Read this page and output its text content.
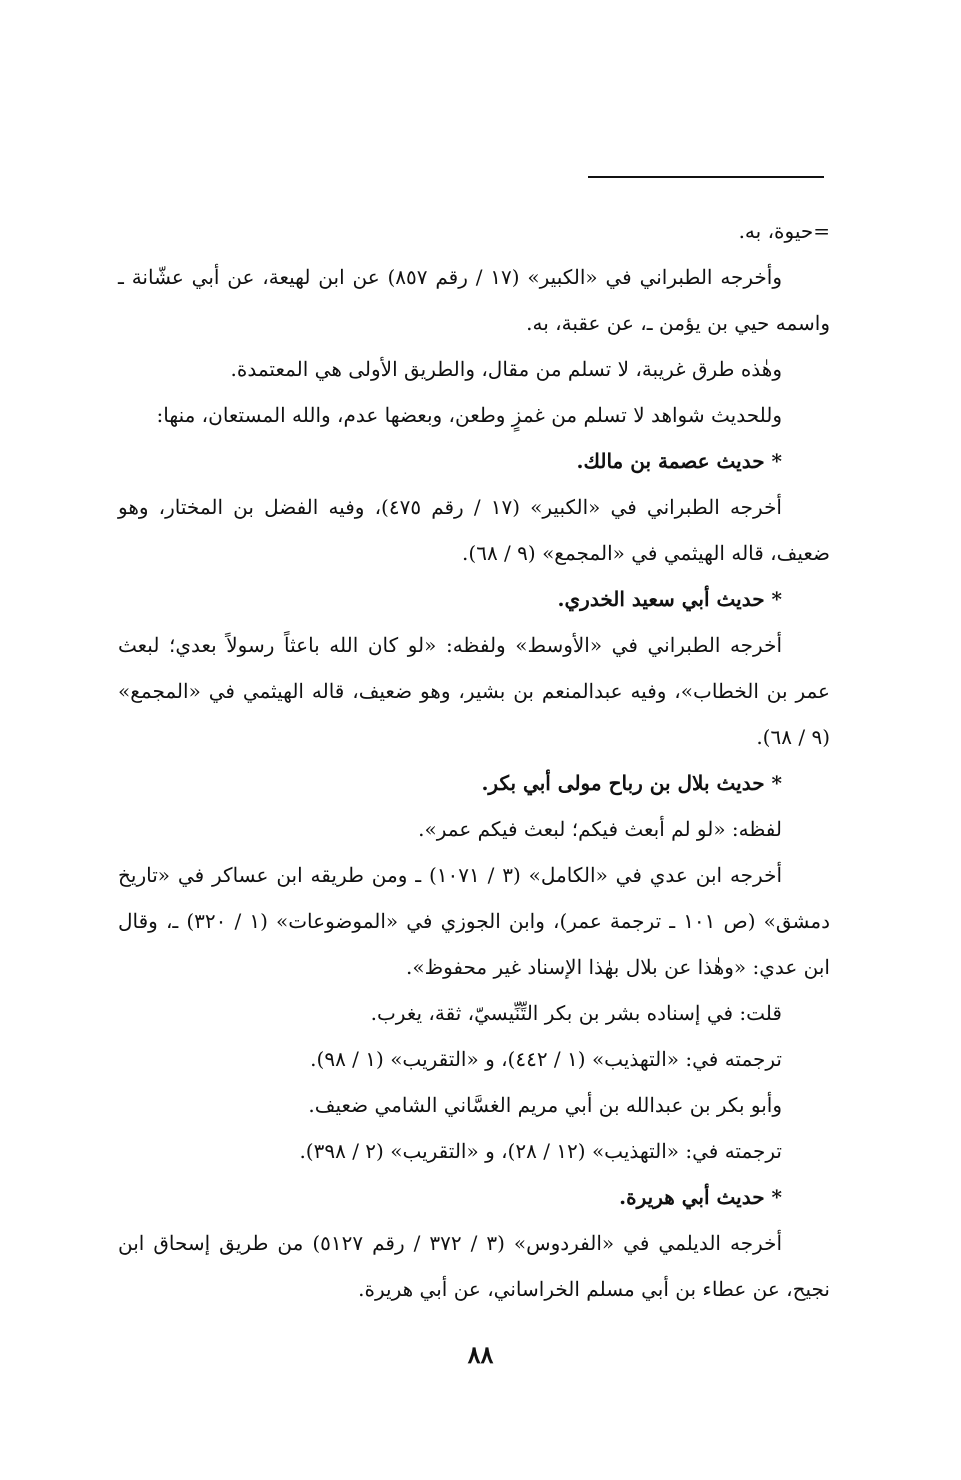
=حيوة، به.

وأخرجه الطبراني في «الكبير» (١٧ / رقم ٨٥٧) عن ابن لهيعة، عن أبي عشّانة ـ واسمه حيي بن يؤمن ـ، عن عقبة، به.

وهٰذه طرق غريبة، لا تسلم من مقال، والطريق الأولى هي المعتمدة.

وللحديث شواهد لا تسلم من غمزٍ وطعن، وبعضها عدم، والله المستعان، منها:

* حديث عصمة بن مالك.

أخرجه الطبراني في «الكبير» (١٧ / رقم ٤٧٥)، وفيه الفضل بن المختار، وهو ضعيف، قاله الهيثمي في «المجمع» (٩ / ٦٨).

* حديث أبي سعيد الخدري.

أخرجه الطبراني في «الأوسط» ولفظه: «لو كان الله باعثاً رسولاً بعدي؛ لبعث عمر بن الخطاب»، وفيه عبدالمنعم بن بشير، وهو ضعيف، قاله الهيثمي في «المجمع» (٩ / ٦٨).

* حديث بلال بن رباح مولى أبي بكر.

لفظه: «لو لم أبعث فيكم؛ لبعث فيكم عمر».

أخرجه ابن عدي في «الكامل» (٣ / ١٠٧١) ـ ومن طريقه ابن عساكر في «تاريخ دمشق» (ص ١٠١ ـ ترجمة عمر)، وابن الجوزي في «الموضوعات» (١ / ٣٢٠) ـ، وقال ابن عدي: «وهٰذا عن بلال بهٰذا الإسناد غير محفوظ».

قلت: في إسناده بشر بن بكر التِّنِّيسيّ، ثقة، يغرب.

ترجمته في: «التهذيب» (١ / ٤٤٢)، و «التقريب» (١ / ٩٨).

وأبو بكر بن عبدالله بن أبي مريم الغسَّاني الشامي ضعيف.

ترجمته في: «التهذيب» (١٢ / ٢٨)، و «التقريب» (٢ / ٣٩٨).

* حديث أبي هريرة.

أخرجه الديلمي في «الفردوس» (٣ / ٣٧٢ / رقم ٥١٢٧) من طريق إسحاق ابن نجيح، عن عطاء بن أبي مسلم الخراساني، عن أبي هريرة.

٨٨
